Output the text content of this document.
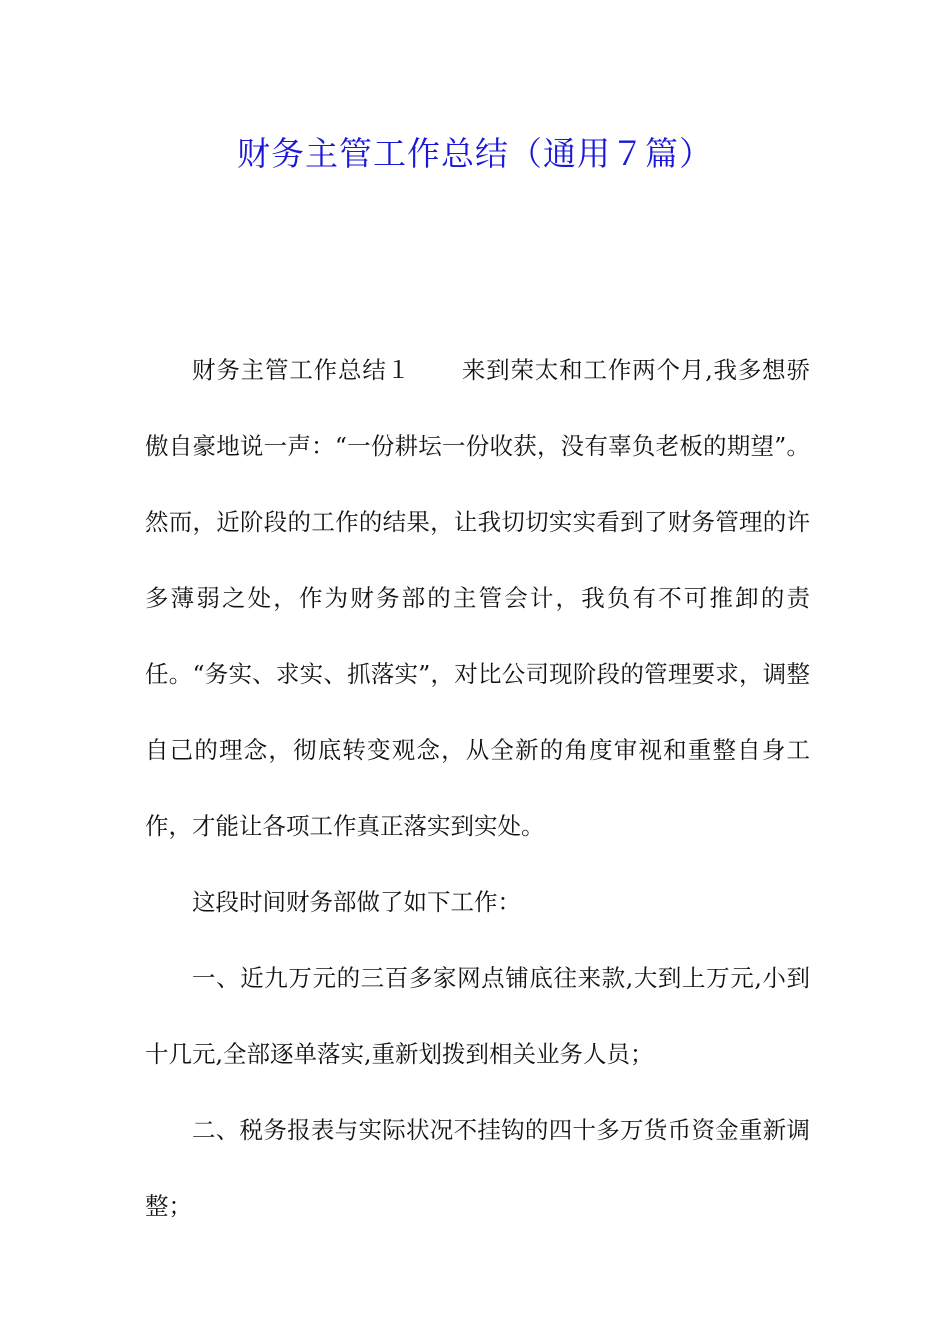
财务主管工作总结（通用７篇）

财务主管工作总结１ 来到荣太和工作两个月,我多想骄傲自豪地说一声：“一份耕坛一份收获，没有辜负老板的期望”。然而，近阶段的工作的结果，让我切切实实看到了财务管理的许多薄弱之处，作为财务部的主管会计，我负有不可推卸的责任。“务实、求实、抓落实”，对比公司现阶段的管理要求，调整自己的理念，彻底转变观念，从全新的角度审视和重整自身工作，才能让各项工作真正落实到实处。

这段时间财务部做了如下工作：

一、近九万元的三百多家网点铺底往来款,大到上万元,小到十几元,全部逐单落实,重新划拨到相关业务人员；

二、税务报表与实际状况不挂钩的四十多万货币资金重新调整；
